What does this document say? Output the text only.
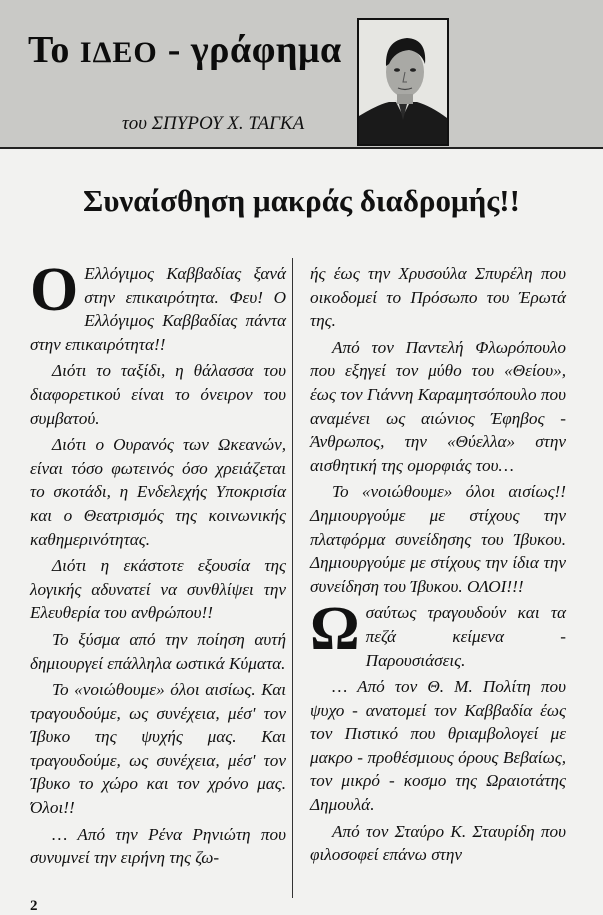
Το IΔEO - γράφημα
του ΣΠΥΡΟΥ Χ. ΤΑΓΚΑ
Συναίσθηση μακράς διαδρομής!!

Ο Ελλόγιμος Καββαδίας ξανά στην επικαιρότητα. Φευ! Ο Ελλόγιμος Καββαδίας πάντα στην επικαιρότητα!!

Διότι το ταξίδι, η θάλασσα του διαφορετικού είναι το όνειρον του συμβατού.

Διότι ο Ουρανός των Ωκεανών, είναι τόσο φωτεινός όσο χρειάζεται το σκοτάδι, η Ενδελεχής Υποκρισία και ο Θεατρισμός της κοινωνικής καθημερινότητας.

Διότι η εκάστοτε εξουσία της λογικής αδυνατεί να συνθλίψει την Ελευθερία του ανθρώπου!!

Το ξύσμα από την ποίηση αυτή δημιουργεί επάλληλα ωστικά Κύματα.

Το «νοιώθουμε» όλοι αισίως. Και τραγουδούμε, ως συνέχεια, μέσ' τον Ίβυκο της ψυχής μας. Και τραγουδούμε, ως συνέχεια, μέσ' τον Ίβυκο το χώρο και τον χρόνο μας. Όλοι!!

… Από την Ρένα Ρηνιώτη που συνυμνεί την ειρήνη της ζω-

ής έως την Χρυσούλα Σπυρέλη που οικοδομεί το Πρόσωπο του Έρωτά της.

Από τον Παντελή Φλωρόπουλο που εξηγεί τον μύθο του «Θείου», έως τον Γιάννη Καραμητσόπουλο που αναμένει ως αιώνιος Έφηβος - Άνθρωπος, την «Θύελλα» στην αισθητική της ομορφιάς του…

Το «νοιώθουμε» όλοι αισίως!! Δημιουργούμε με στίχους την πλατφόρμα συνείδησης του Ίβυκου. Δημιουργούμε με στίχους την ίδια την συνείδηση του Ίβυκου. ΟΛΟΙ!!!

Ωσαύτως τραγουδούν και τα πεζά κείμενα - Παρουσιάσεις.

… Από τον Θ. Μ. Πολίτη που ψυχο - ανατομεί τον Καββαδία έως τον Πιστικό που θριαμβολογεί με μακρο - προθέσμιους όρους Βεβαίως, τον μικρό - κοσμο της Ωραιοτάτης Δημουλά.

Από τον Σταύρο Κ. Σταυρίδη που φιλοσοφεί επάνω στην

2
